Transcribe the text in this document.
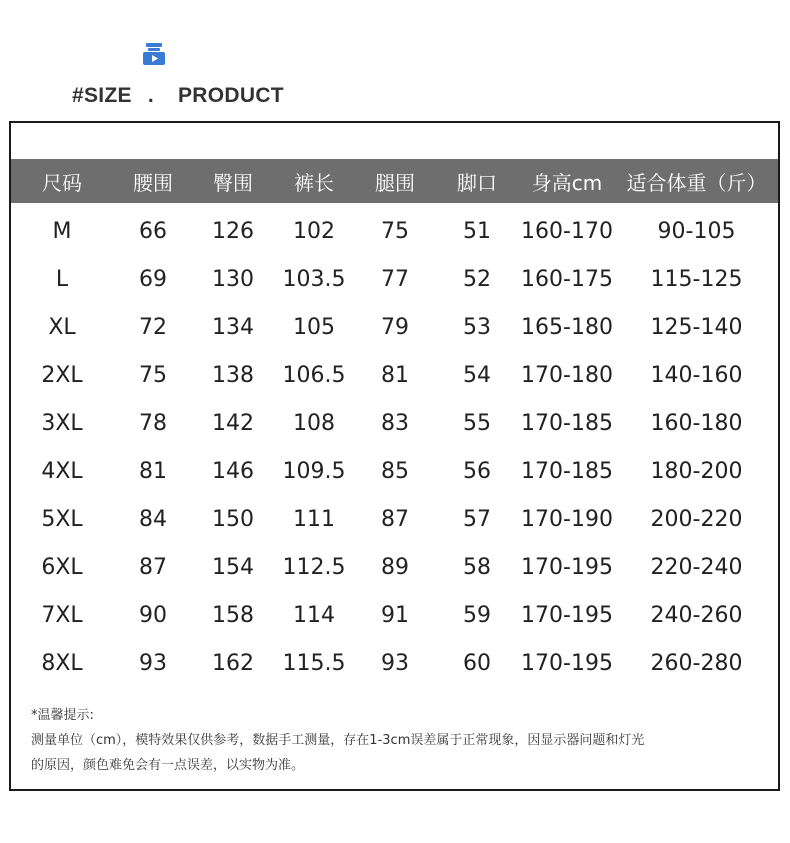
#SIZE . PRODUCT
尺码	腰围	臀围	裤长	腿围	脚口	身高cm	适合体重（斤）
M	66	126	102	75	51	160-170	90-105
L	69	130	103.5	77	52	160-175	115-125
XL	72	134	105	79	53	165-180	125-140
2XL	75	138	106.5	81	54	170-180	140-160
3XL	78	142	108	83	55	170-185	160-180
4XL	81	146	109.5	85	56	170-185	180-200
5XL	84	150	111	87	57	170-190	200-220
6XL	87	154	112.5	89	58	170-195	220-240
7XL	90	158	114	91	59	170-195	240-260
8XL	93	162	115.5	93	60	170-195	260-280
*温馨提示:
测量单位（cm），模特效果仅供参考，数据手工测量，存在1-3cm误差属于正常现象，因显示器问题和灯光
的原因，颜色难免会有一点误差，以实物为准。
